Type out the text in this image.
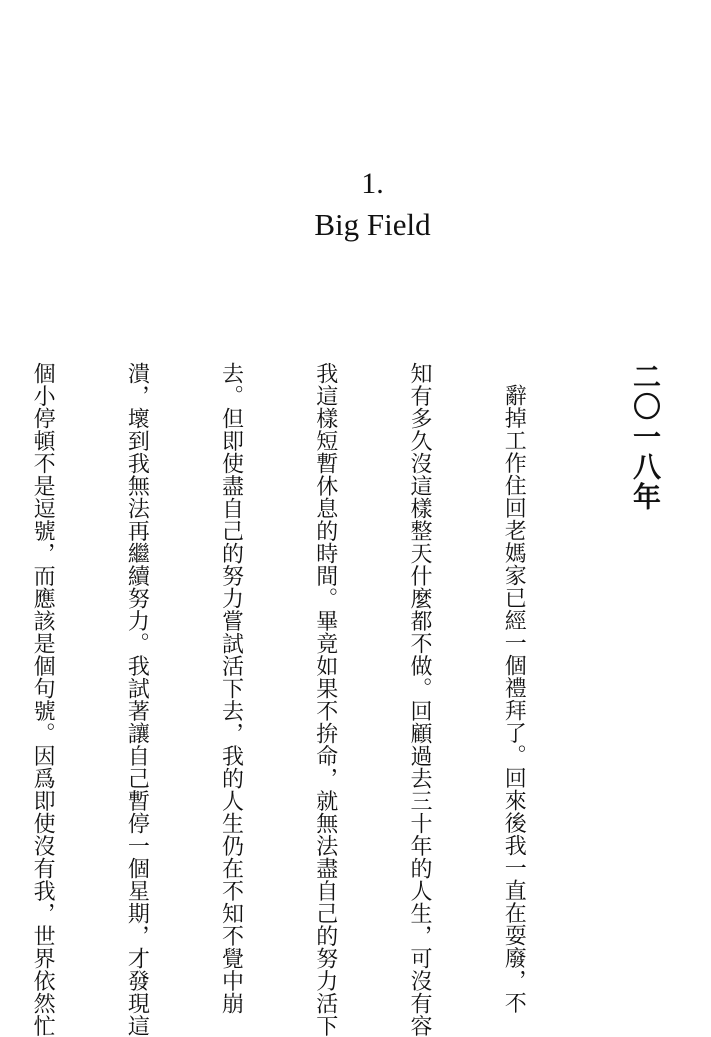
1.
Big Field
二〇一八年

辭掉工作住回老媽家已經一個禮拜了。回來後我一直在耍廢，不

知有多久沒這樣整天什麼都不做。回顧過去三十年的人生，可沒有容

我這樣短暫休息的時間。畢竟如果不拚命，就無法盡自己的努力活下

去。但即使盡自己的努力嘗試活下去，我的人生仍在不知不覺中崩

潰，壞到我無法再繼續努力。我試著讓自己暫停一個星期，才發現這

個小停頓不是逗號，而應該是個句號。因爲即使沒有我，世界依然忙
